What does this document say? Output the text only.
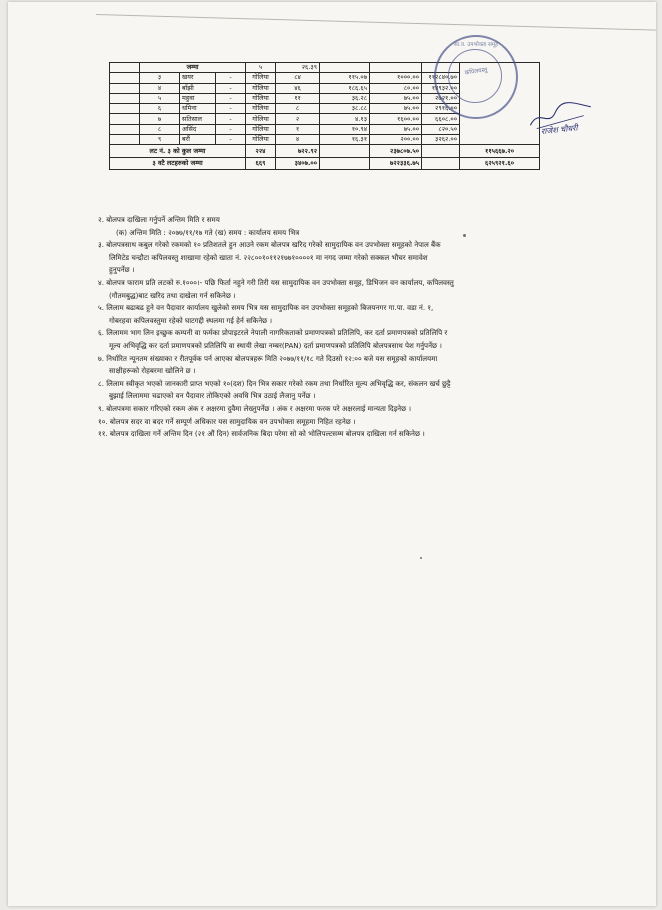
	जम्मा			५	२६.३९				
	३	खयर	-	गोलिया	८४	११५.०७	१०००.००	११२८४०.७०	
	४	बाँझी	-	गोलिया	४६	१८६.६५	८०.००	१४९३२.००	
	५	महुवा	-	गोलिया	११	३६.२८	७५.००	२७२१.००	
	६	धमिना	-	गोलिया	८	३८.८८	७५.००	२९१६.००	
	७	सतिसाल	-	गोलिया	२	४.१३	१६००.००	६६०८.००	
	८	असिंद	-	गोलिया	१	१०.९४	७५.००	८२०.५०	
	९	बरौं	-	गोलिया	४	१६.३१	२००.००	३२६२.००	
लट नं. ३ को कुल जम्मा				२२४	७२२.९२		२३७८०७.५०		११५६६७.२०
३ वटै लटहरुको जम्मा				६६९	३४०७.००		७२२३३६.७५		६२५९२१.६०
सा.व. उपभोक्ता समूह
कपिलवस्तु
राजेश चौधरी

२. बोलपत्र दाखिला गर्नुपर्ने अन्तिम मिति र समय

(क) अन्तिम मिति : २०७७/११/१७ गते (ख) समय : कार्यालय समय भित्र

३. बोलपत्रसाथ कबुल गरेको रकमको १० प्रतिशतले हुन आउने रकम बोलपत्र खरिद गरेको सामुदायिक वन उपभोक्ता समूहको नेपाल बैंक

लिमिटेड चन्द्रौटा कपिलवस्तु शाखामा रहेको खाता नं. २२८००१०११२१७७१००००१ मा नगद जम्मा गरेको सक्कल भौचर समावेश

हुनुपर्नेछ ।

४. बोलपत्र फाराम प्रति लटको रु.१०००।- पछि फिर्ता नहुने गरी तिरी यस सामुदायिक वन उपभोक्ता समूह, डिभिजन वन कार्यालय, कपिलवस्तु

(गौतमबुद्ध)बाट खरिद तथा दाखेला गर्न सकिनेछ ।

५. लिलाम बढाबढ हुने वन पैदावार कार्यालय खुलेको समय भित्र यस सामुदायिक वन उपभोक्ता समूहको बिजयनगर गा.पा. वडा नं. १,

गोबरहवा कपिलवस्तुमा रहेको घाटगद्दी स्थलमा गई हेर्न सकिनेछ ।

६. लिलामम भाग लिन इच्छुक कम्पनी वा फर्मका प्रोपाइटरले नेपाली नागरिकताको प्रमाणपत्रको प्रतिलिपि, कर दर्ता प्रमाणपत्रको प्रतिलिपि र

मूल्य अभिवृद्धि कर दर्ता प्रमाणपत्रको प्रतिलिपि वा स्थायी लेखा नम्बर(PAN) दर्ता प्रमाणपत्रको प्रतिलिपि बोलपत्रसाथ पेश गर्नुपर्नेछ ।

७. निर्धारित न्यूनतम संख्याका र रीतपूर्वक पर्न आएका बोलपत्रहरू मिति २०७७/११/१८ गते दिउसो १२:०० बजे यस समूहको कार्यालयमा

साक्षीहरूको रोहबरमा खोलिने छ ।

८. लिलाम स्वीकृत भएको जानकारी प्राप्त भएको १०(दश) दिन भित्र सकार गरेको रकम तथा निर्धारित मूल्य अभिवृद्धि कर, संकलन खर्च छुट्टै

बुझाई लिलाममा चढाएको वन पैदावार तोकिएको अवधि भित्र उठाई लैजानु पर्नेछ ।

९. बोलपत्रमा सकार गरिएको रकम अंक र अक्षरमा दुवैमा लेख्नुपर्नेछ । अंक र अक्षरमा फरक परे अक्षरलाई मान्यता दिइनेछ ।

१०. बोलपत्र सदर वा बदर गर्ने सम्पूर्ण अधिकार यस सामुदायिक वन उपभोक्ता समूहमा निहित रहनेछ ।

११. बोलपत्र दाखिला गर्ने अन्तिम दिन (२१ औं दिन) सार्वजनिक बिदा परेमा सो को भोलिपल्टसम्म बोलपत्र दाखिला गर्न सकिनेछ ।
